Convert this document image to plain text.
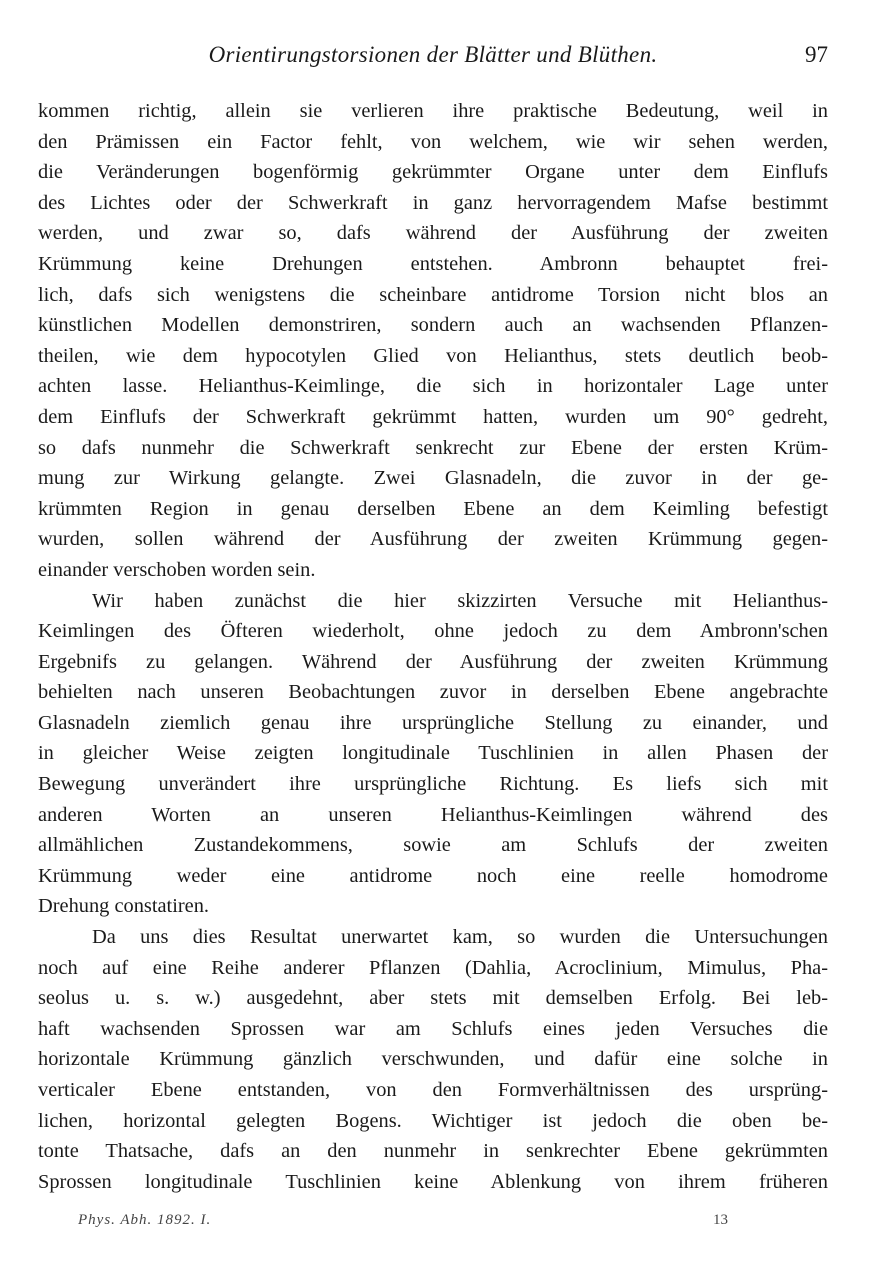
Orientirungstorsionen der Blätter und Blüthen.	97
kommen richtig, allein sie verlieren ihre praktische Bedeutung, weil in
den Prämissen ein Factor fehlt, von welchem, wie wir sehen werden,
die Veränderungen bogenförmig gekrümmter Organe unter dem Einflufs
des Lichtes oder der Schwerkraft in ganz hervorragendem Mafse bestimmt
werden, und zwar so, dafs während der Ausführung der zweiten
Krümmung keine Drehungen entstehen. Ambronn behauptet frei-
lich, dafs sich wenigstens die scheinbare antidrome Torsion nicht blos an
künstlichen Modellen demonstriren, sondern auch an wachsenden Pflanzen-
theilen, wie dem hypocotylen Glied von Helianthus, stets deutlich beob-
achten lasse. Helianthus-Keimlinge, die sich in horizontaler Lage unter
dem Einflufs der Schwerkraft gekrümmt hatten, wurden um 90° gedreht,
so dafs nunmehr die Schwerkraft senkrecht zur Ebene der ersten Krüm-
mung zur Wirkung gelangte. Zwei Glasnadeln, die zuvor in der ge-
krümmten Region in genau derselben Ebene an dem Keimling befestigt
wurden, sollen während der Ausführung der zweiten Krümmung gegen-
einander verschoben worden sein.
Wir haben zunächst die hier skizzirten Versuche mit Helianthus-
Keimlingen des Öfteren wiederholt, ohne jedoch zu dem Ambronn'schen
Ergebnifs zu gelangen. Während der Ausführung der zweiten Krümmung
behielten nach unseren Beobachtungen zuvor in derselben Ebene angebrachte
Glasnadeln ziemlich genau ihre ursprüngliche Stellung zu einander, und
in gleicher Weise zeigten longitudinale Tuschlinien in allen Phasen der
Bewegung unverändert ihre ursprüngliche Richtung. Es liefs sich mit
anderen Worten an unseren Helianthus-Keimlingen während des
allmählichen Zustandekommens, sowie am Schlufs der zweiten
Krümmung weder eine antidrome noch eine reelle homodrome
Drehung constatiren.
Da uns dies Resultat unerwartet kam, so wurden die Untersuchungen
noch auf eine Reihe anderer Pflanzen (Dahlia, Acroclinium, Mimulus, Pha-
seolus u. s. w.) ausgedehnt, aber stets mit demselben Erfolg. Bei leb-
haft wachsenden Sprossen war am Schlufs eines jeden Versuches die
horizontale Krümmung gänzlich verschwunden, und dafür eine solche in
verticaler Ebene entstanden, von den Formverhältnissen des ursprüng-
lichen, horizontal gelegten Bogens. Wichtiger ist jedoch die oben be-
tonte Thatsache, dafs an den nunmehr in senkrechter Ebene gekrümmten
Sprossen longitudinale Tuschlinien keine Ablenkung von ihrem früheren
Phys. Abh. 1892. I.	13
